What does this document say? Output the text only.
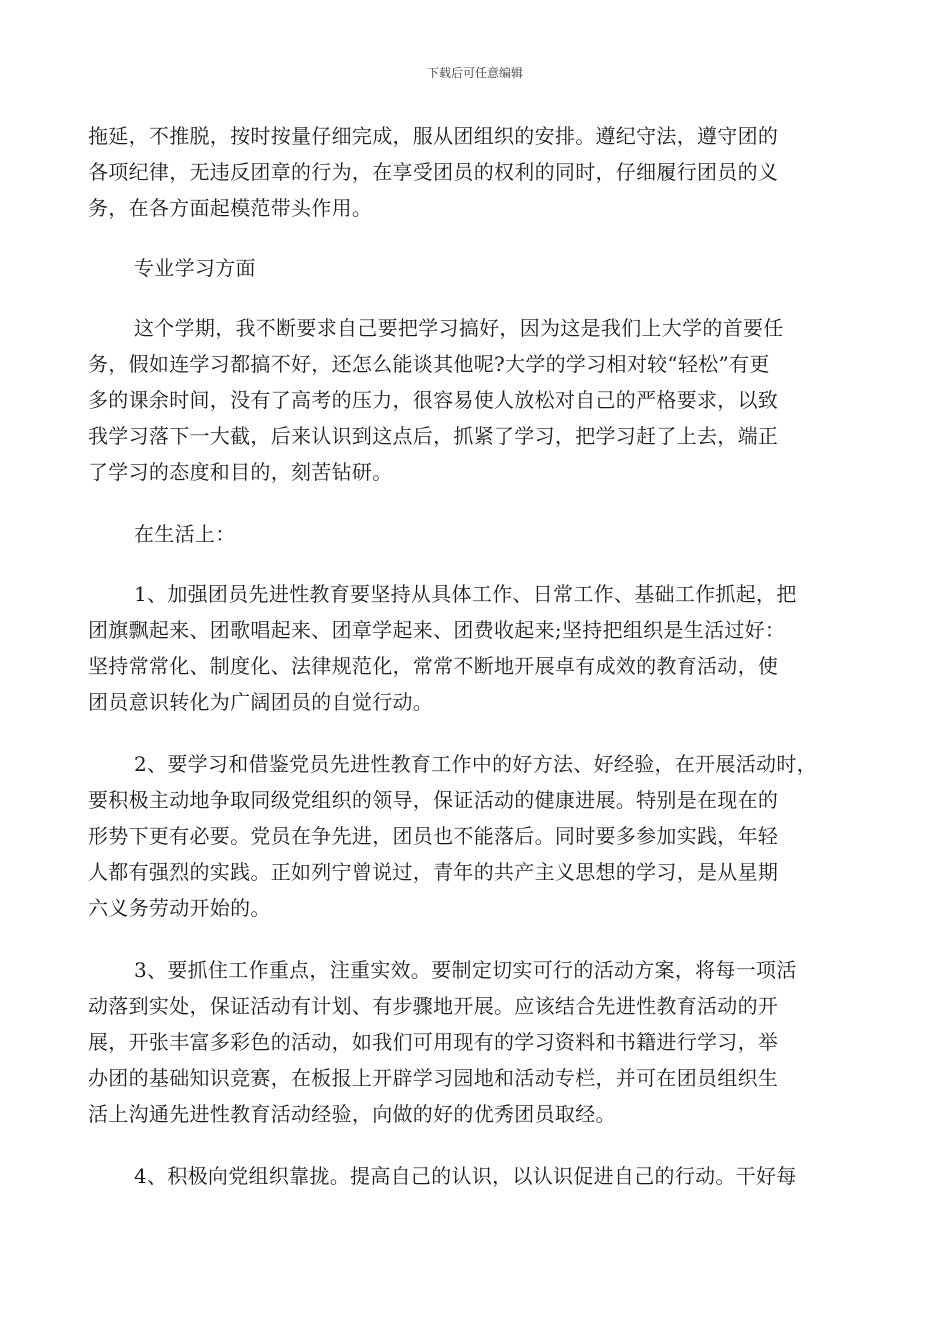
下载后可任意编辑
拖延，不推脱，按时按量仔细完成，服从团组织的安排。遵纪守法，遵守团的
各项纪律，无违反团章的行为，在享受团员的权利的同时，仔细履行团员的义
务，在各方面起模范带头作用。
专业学习方面
这个学期，我不断要求自己要把学习搞好，因为这是我们上大学的首要任
务，假如连学习都搞不好，还怎么能谈其他呢?大学的学习相对较“轻松”有更
多的课余时间，没有了高考的压力，很容易使人放松对自己的严格要求，以致
我学习落下一大截，后来认识到这点后，抓紧了学习，把学习赶了上去，端正
了学习的态度和目的，刻苦钻研。
在生活上：
1、加强团员先进性教育要坚持从具体工作、日常工作、基础工作抓起，把
团旗飘起来、团歌唱起来、团章学起来、团费收起来;坚持把组织是生活过好：
坚持常常化、制度化、法律规范化，常常不断地开展卓有成效的教育活动，使
团员意识转化为广阔团员的自觉行动。
2、要学习和借鉴党员先进性教育工作中的好方法、好经验，在开展活动时，
要积极主动地争取同级党组织的领导，保证活动的健康进展。特别是在现在的
形势下更有必要。党员在争先进，团员也不能落后。同时要多参加实践，年轻
人都有强烈的实践。正如列宁曾说过，青年的共产主义思想的学习，是从星期
六义务劳动开始的。
3、要抓住工作重点，注重实效。要制定切实可行的活动方案，将每一项活
动落到实处，保证活动有计划、有步骤地开展。应该结合先进性教育活动的开
展，开张丰富多彩色的活动，如我们可用现有的学习资料和书籍进行学习，举
办团的基础知识竞赛，在板报上开辟学习园地和活动专栏，并可在团员组织生
活上沟通先进性教育活动经验，向做的好的优秀团员取经。
4、积极向党组织靠拢。提高自己的认识，以认识促进自己的行动。干好每
